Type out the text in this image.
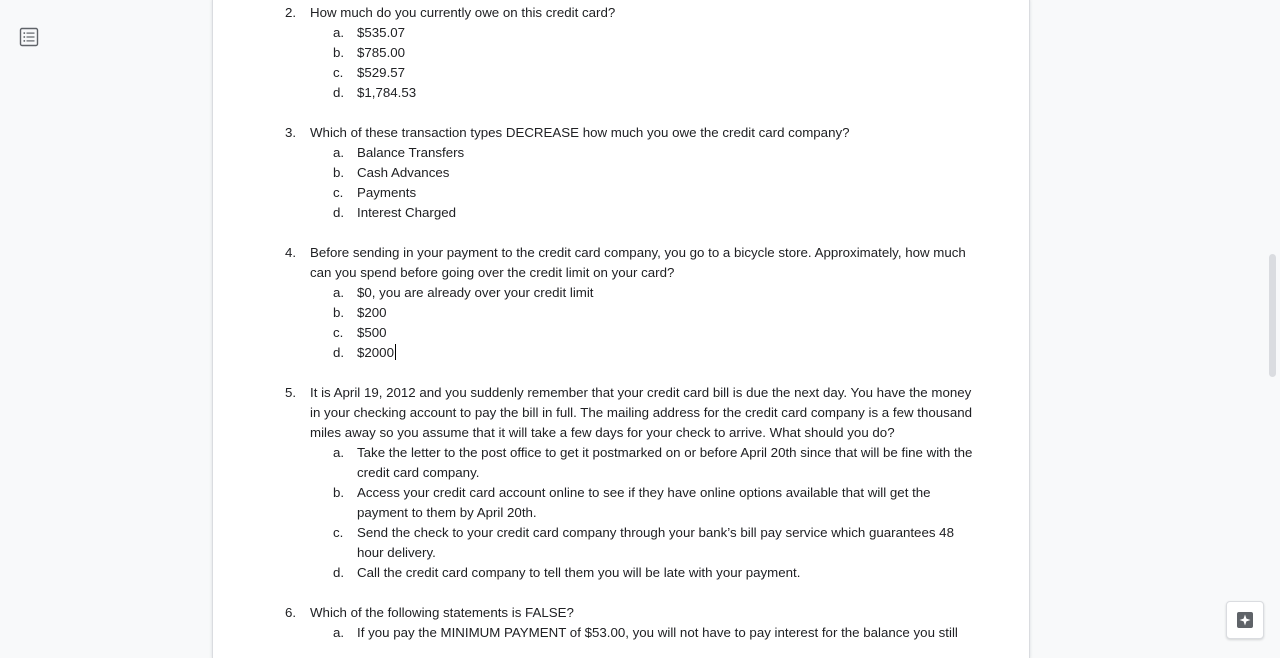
2.	How much do you currently owe on this credit card?
a. $535.07
b. $785.00
c.	$529.57
d. $1,784.53
3.	Which of these transaction types DECREASE how much you owe the credit card company?
a. Balance Transfers
b. Cash Advances
c.	Payments
d. Interest Charged
4.	Before sending in your payment to the credit card company, you go to a bicycle store. Approximately, how much can you spend before going over the credit limit on your card?
a. $0, you are already over your credit limit
b. $200
c.	$500
d. $2000
5.	It is April 19, 2012 and you suddenly remember that your credit card bill is due the next day. You have the money in your checking account to pay the bill in full. The mailing address for the credit card company is a few thousand miles away so you assume that it will take a few days for your check to arrive. What should you do?
a. Take the letter to the post office to get it postmarked on or before April 20th since that will be fine with the credit card company.
b. Access your credit card account online to see if they have online options available that will get the payment to them by April 20th.
c.	Send the check to your credit card company through your bank’s bill pay service which guarantees 48 hour delivery.
d. Call the credit card company to tell them you will be late with your payment.
6.	Which of the following statements is FALSE?
a. If you pay the MINIMUM PAYMENT of $53.00, you will not have to pay interest for the balance you still
